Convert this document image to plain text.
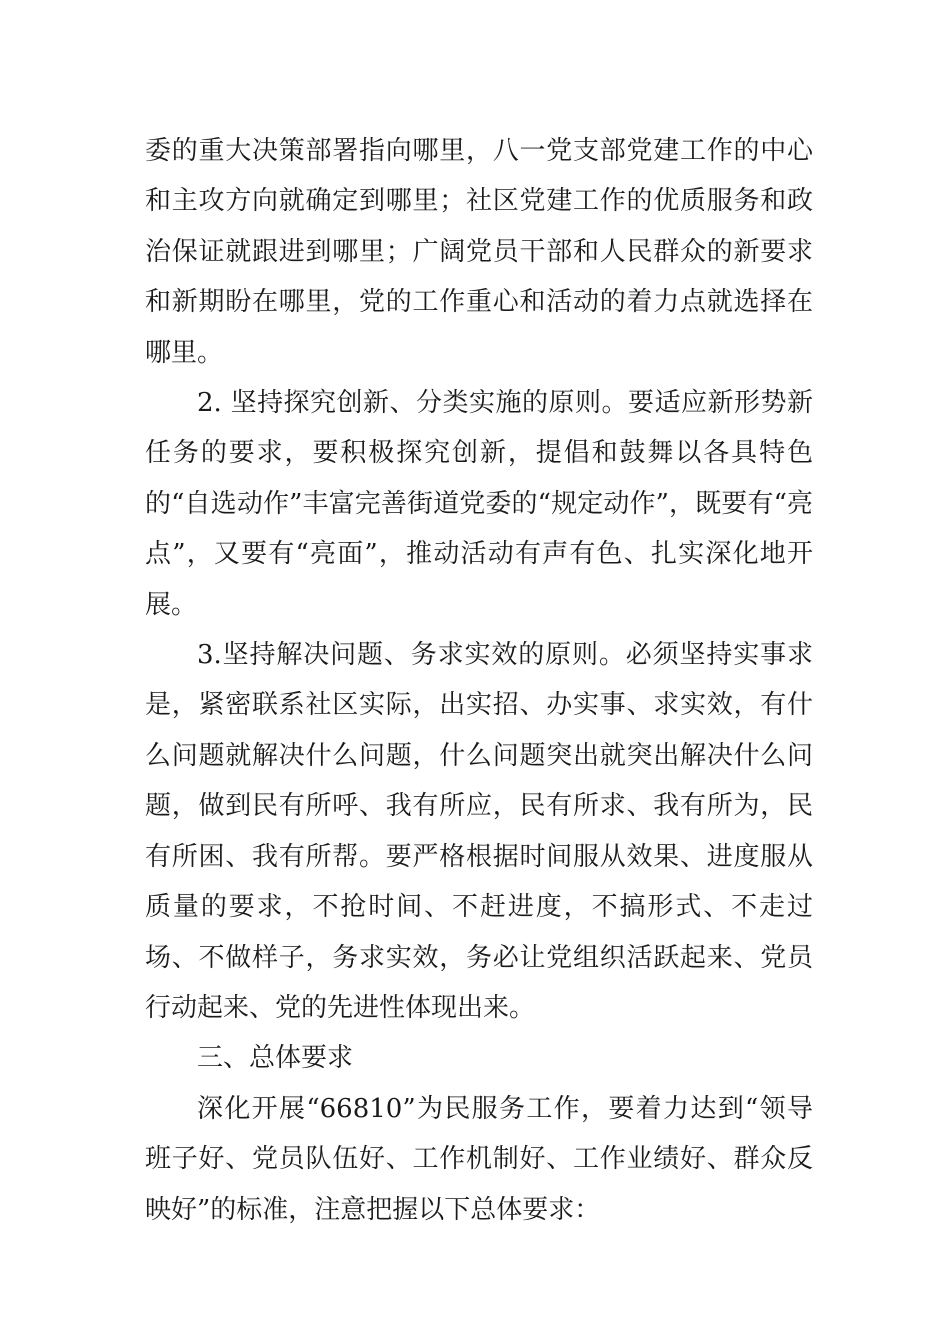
委的重大决策部署指向哪里，八一党支部党建工作的中心和主攻方向就确定到哪里；社区党建工作的优质服务和政治保证就跟进到哪里；广阔党员干部和人民群众的新要求和新期盼在哪里，党的工作重心和活动的着力点就选择在哪里。

2. 坚持探究创新、分类实施的原则。要适应新形势新任务的要求，要积极探究创新，提倡和鼓舞以各具特色的“自选动作”丰富完善街道党委的“规定动作”，既要有“亮点”，又要有“亮面”，推动活动有声有色、扎实深化地开展。

3.坚持解决问题、务求实效的原则。必须坚持实事求是，紧密联系社区实际，出实招、办实事、求实效，有什么问题就解决什么问题，什么问题突出就突出解决什么问题，做到民有所呼、我有所应，民有所求、我有所为，民有所困、我有所帮。要严格根据时间服从效果、进度服从质量的要求，不抢时间、不赶进度，不搞形式、不走过场、不做样子，务求实效，务必让党组织活跃起来、党员行动起来、党的先进性体现出来。

三、总体要求

深化开展“66810”为民服务工作，要着力达到“领导班子好、党员队伍好、工作机制好、工作业绩好、群众反映好”的标准，注意把握以下总体要求：
